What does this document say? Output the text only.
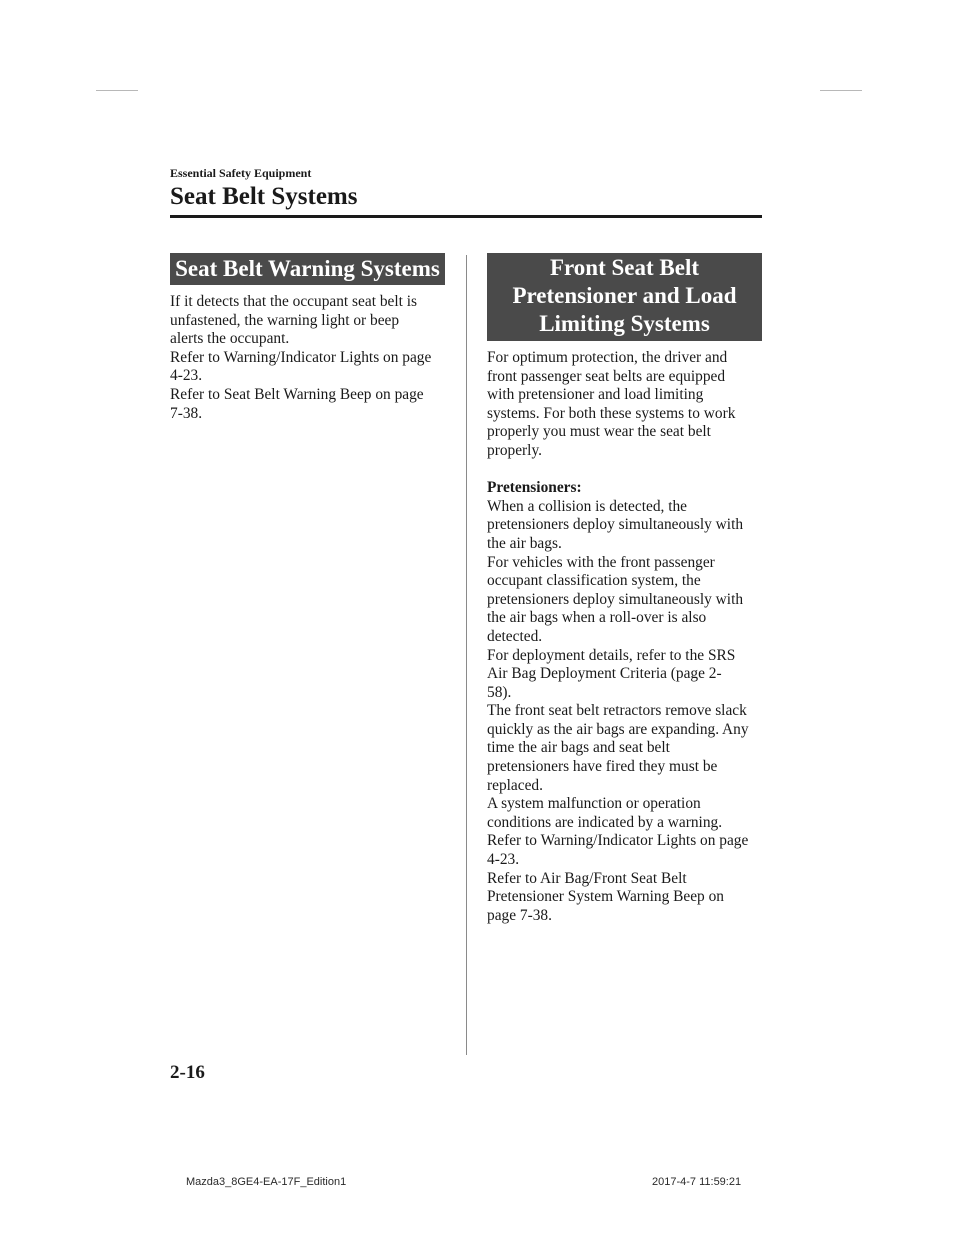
Essential Safety Equipment
Seat Belt Systems
Seat Belt Warning Systems
If it detects that the occupant seat belt is
unfastened, the warning light or beep
alerts the occupant.
Refer to Warning/Indicator Lights on page
4-23.
Refer to Seat Belt Warning Beep on page
7-38.
Front Seat Belt
Pretensioner and Load
Limiting Systems
For optimum protection, the driver and
front passenger seat belts are equipped
with pretensioner and load limiting
systems. For both these systems to work
properly you must wear the seat belt
properly.
Pretensioners:
When a collision is detected, the
pretensioners deploy simultaneously with
the air bags.
For vehicles with the front passenger
occupant classification system, the
pretensioners deploy simultaneously with
the air bags when a roll-over is also
detected.
For deployment details, refer to the SRS
Air Bag Deployment Criteria (page 2-
58).
The front seat belt retractors remove slack
quickly as the air bags are expanding. Any
time the air bags and seat belt
pretensioners have fired they must be
replaced.
A system malfunction or operation
conditions are indicated by a warning.
Refer to Warning/Indicator Lights on page
4-23.
Refer to Air Bag/Front Seat Belt
Pretensioner System Warning Beep on
page 7-38.
2-16
Mazda3_8GE4-EA-17F_Edition1	2017-4-7 11:59:21
